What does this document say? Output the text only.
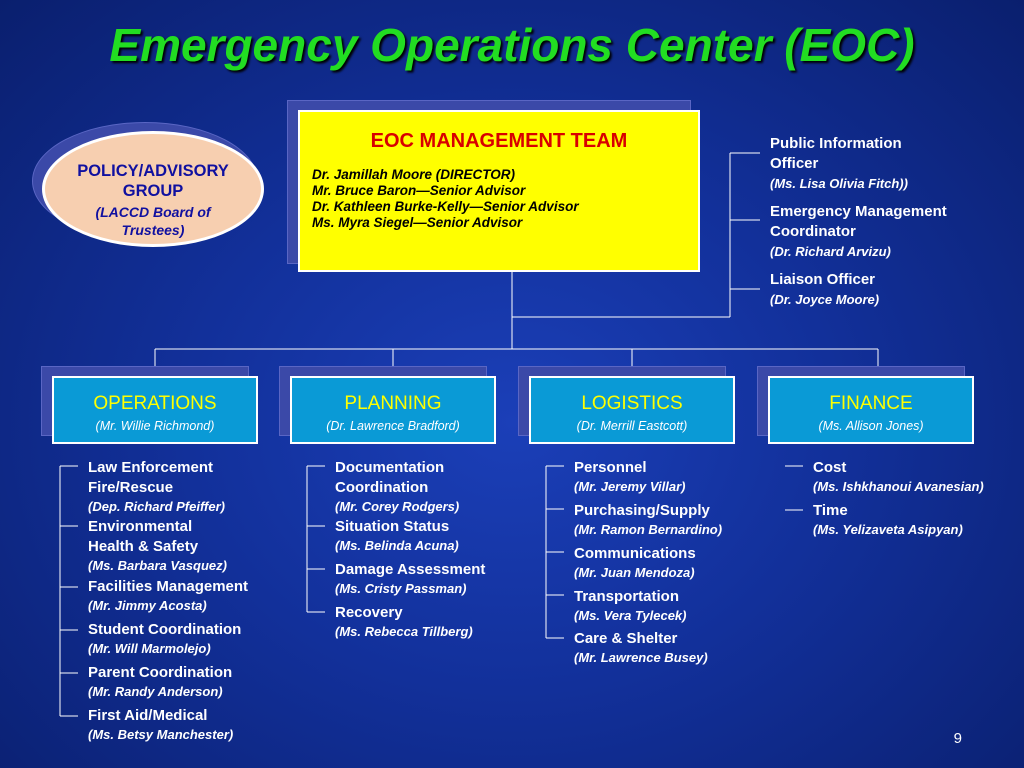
Emergency Operations Center (EOC)
EOC MANAGEMENT TEAM
Dr. Jamillah Moore (DIRECTOR)
Mr. Bruce Baron—Senior Advisor
Dr. Kathleen Burke-Kelly—Senior Advisor
Ms. Myra Siegel—Senior Advisor
POLICY/ADVISORY
GROUP
(LACCD Board of
Trustees)
Public Information
Officer
(Ms. Lisa Olivia Fitch))
Emergency Management
Coordinator
(Dr. Richard Arvizu)
Liaison Officer
(Dr. Joyce Moore)
OPERATIONS
(Mr. Willie Richmond)
PLANNING
(Dr. Lawrence Bradford)
LOGISTICS
(Dr. Merrill Eastcott)
FINANCE
(Ms. Allison Jones)
Law Enforcement
Fire/Rescue
(Dep. Richard Pfeiffer)
Environmental
Health & Safety
(Ms. Barbara Vasquez)
Facilities Management
(Mr. Jimmy Acosta)
Student Coordination
(Mr. Will Marmolejo)
Parent Coordination
(Mr. Randy Anderson)
First Aid/Medical
(Ms. Betsy Manchester)
Documentation
Coordination
(Mr. Corey Rodgers)
Situation Status
(Ms. Belinda Acuna)
Damage Assessment
(Ms. Cristy Passman)
Recovery
(Ms. Rebecca Tillberg)
Personnel
(Mr. Jeremy Villar)
Purchasing/Supply
(Mr. Ramon Bernardino)
Communications
(Mr. Juan Mendoza)
Transportation
(Ms. Vera Tylecek)
Care & Shelter
(Mr. Lawrence Busey)
Cost
(Ms. Ishkhanoui Avanesian)
Time
(Ms. Yelizaveta Asipyan)
9
